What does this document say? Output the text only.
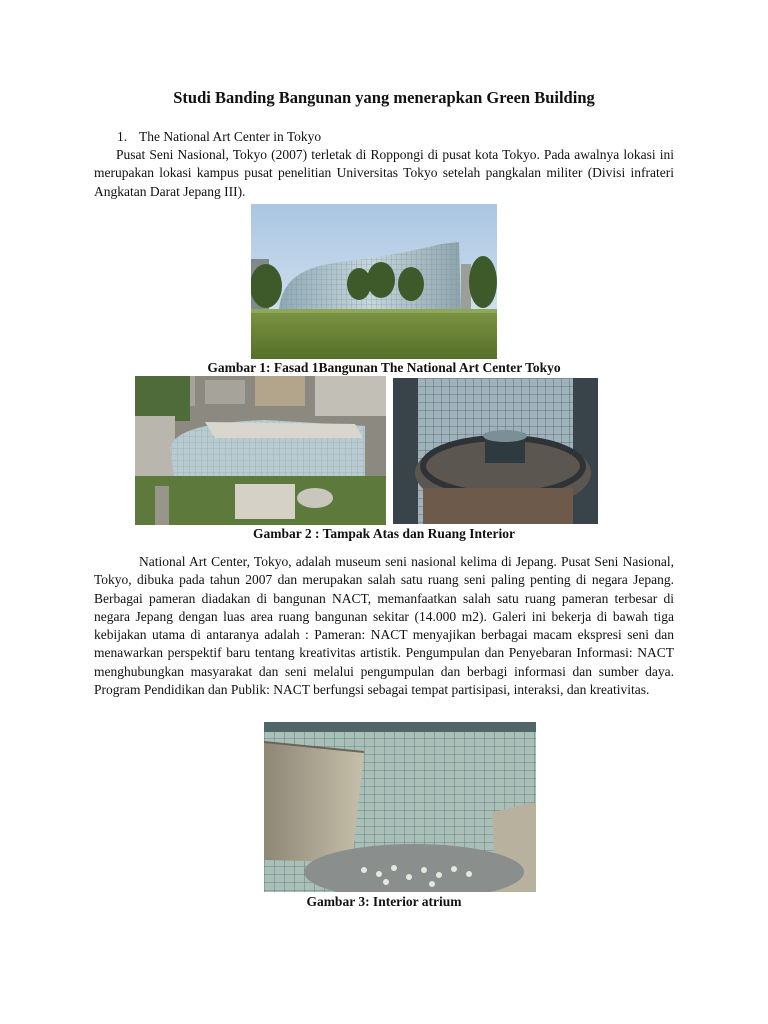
Studi Banding Bangunan yang menerapkan Green Building
1. The National Art Center in Tokyo

Pusat Seni Nasional, Tokyo (2007) terletak di Roppongi di pusat kota Tokyo. Pada awalnya lokasi ini merupakan lokasi kampus pusat penelitian Universitas Tokyo setelah pangkalan militer (Divisi infrateri Angkatan Darat Jepang III).

Gambar 1: Fasad 1Bangunan The National Art Center Tokyo
Gambar 2 : Tampak Atas dan Ruang Interior

National Art Center, Tokyo, adalah museum seni nasional kelima di Jepang. Pusat Seni Nasional, Tokyo, dibuka pada tahun 2007 dan merupakan salah satu ruang seni paling penting di negara Jepang. Berbagai pameran diadakan di bangunan NACT, memanfaatkan salah satu ruang pameran terbesar di negara Jepang dengan luas area ruang bangunan sekitar (14.000 m2). Galeri ini bekerja di bawah tiga kebijakan utama di antaranya adalah : Pameran: NACT menyajikan berbagai macam ekspresi seni dan menawarkan perspektif baru tentang kreativitas artistik. Pengumpulan dan Penyebaran Informasi: NACT menghubungkan masyarakat dan seni melalui pengumpulan dan berbagi informasi dan sumber daya. Program Pendidikan dan Publik: NACT berfungsi sebagai tempat partisipasi, interaksi, dan kreativitas.

Gambar 3: Interior atrium
